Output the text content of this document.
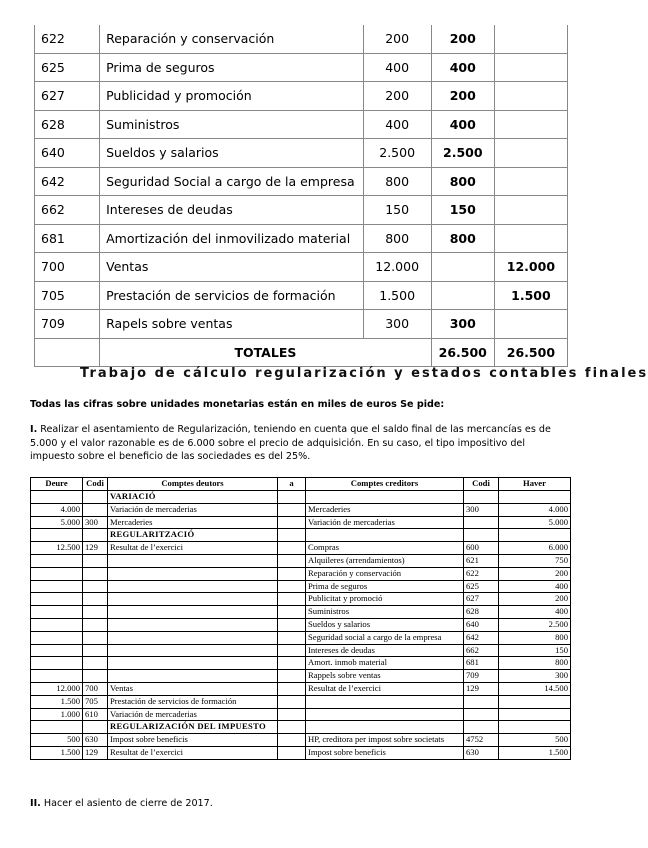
622	Reparación y conservación	200	200	
625	Prima de seguros	400	400	
627	Publicidad y promoción	200	200	
628	Suministros	400	400	
640	Sueldos y salarios	2.500	2.500	
642	Seguridad Social a cargo de la empresa	800	800	
662	Intereses de deudas	150	150	
681	Amortización del inmovilizado material	800	800	
700	Ventas	12.000		12.000
705	Prestación de servicios de formación	1.500		1.500
709	Rapels sobre ventas	300	300	
	TOTALES		26.500	26.500
Trabajo de cálculo regularización y estados contables finales
Todas las cifras sobre unidades monetarias están en miles de euros Se pide:
I. Realizar el asentamiento de Regularización, teniendo en cuenta que el saldo final de las mercancías es de 5.000 y el valor razonable es de 6.000 sobre el precio de adquisición. En su caso, el tipo impositivo del impuesto sobre el beneficio de las sociedades es del 25%.
Deure	Codi	Comptes deutors	a	Comptes creditors	Codi	Haver
		VARIACIÓ				
4.000		Variación de mercaderias		Mercaderies	300	4.000
5.000	300	Mercaderies		Variación de mercaderias		5.000
		REGULARITZACIÓ				
12.500	129	Resultat de l’exercici		Compras	600	6.000
				Alquileres (arrendamientos)	621	750
				Reparación y conservación	622	200
				Prima de seguros	625	400
				Publicitat y promoció	627	200
				Suministros	628	400
				Sueldos y salarios	640	2.500
				Seguridad social a cargo de la empresa	642	800
				Intereses de deudas	662	150
				Amort. inmob material	681	800
				Rappels sobre ventas	709	300
12.000	700	Ventas		Resultat de l’exercici	129	14.500
1.500	705	Prestación de servicios de formación				
1.000	610	Variación de mercaderias				
		REGULARIZACIÓN DEL IMPUESTO				
500	630	Impost sobre beneficis		HP, creditora per impost sobre societats	4752	500
1.500	129	Resultat de l’exercici		Impost sobre beneficis	630	1.500
II. Hacer el asiento de cierre de 2017.
